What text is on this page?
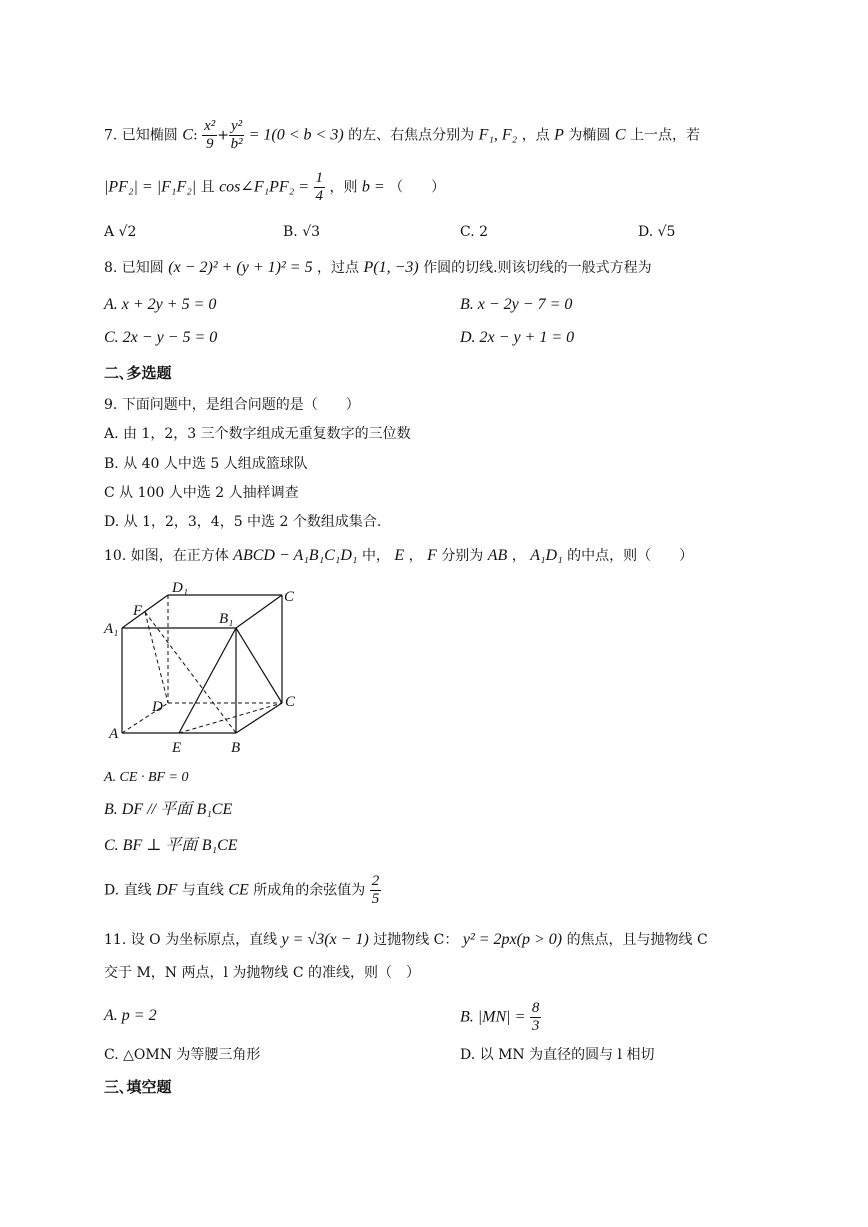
7. 已知椭圆 C: $\frac{\text{x²}}{9} + \frac{\text{y²}}{\text{b²}} = 1(0 < b < 3)$ 的左、右焦点分别为 F₁, F₂ ，点 P 为椭圆 C 上一点，若
|PF₂| = |F₁F₂| 且 cos∠F₁PF₂ = $\frac{1}{4}$ ，则 b = （　　）
A √2	B. √3	C. 2	D. √5
8. 已知圆 (x − 2)² + (y + 1)² = 5 ，过点 P(1, −3) 作圆的切线.则该切线的一般式方程为
A. x + 2y + 5 = 0	B. x − 2y − 7 = 0
C. 2x − y − 5 = 0	D. 2x − y + 1 = 0
二､多选题
9. 下面问题中，是组合问题的是（　　）
A. 由 1，2，3 三个数字组成无重复数字的三位数
B. 从 40 人中选 5 人组成篮球队
C 从 100 人中选 2 人抽样调查
D. 从 1，2，3，4，5 中选 2 个数组成集合.
10. 如图，在正方体 ABCD − A₁B₁C₁D₁ 中， E ， F 分别为 AB ， A₁D₁ 的中点，则（　　）
D₁
C
F	B₁
A₁
D	C
A
E	B
A. CE · BF = 0
B. DF // 平面 B₁CE
C. BF ⊥ 平面 B₁CE
D. 直线 DF 与直线 CE 所成角的余弦值为 $\frac{2}{5}$
11. 设 O 为坐标原点，直线 y = √3(x − 1) 过抛物线 C： y² = 2px(p > 0) 的焦点，且与抛物线 C
交于 M，N 两点，l 为抛物线 C 的准线，则（　）
A. p = 2	B. $|MN| = \frac{8}{3}$
C. △OMN 为等腰三角形	D. 以 MN 为直径的圆与 l 相切
三､填空题
